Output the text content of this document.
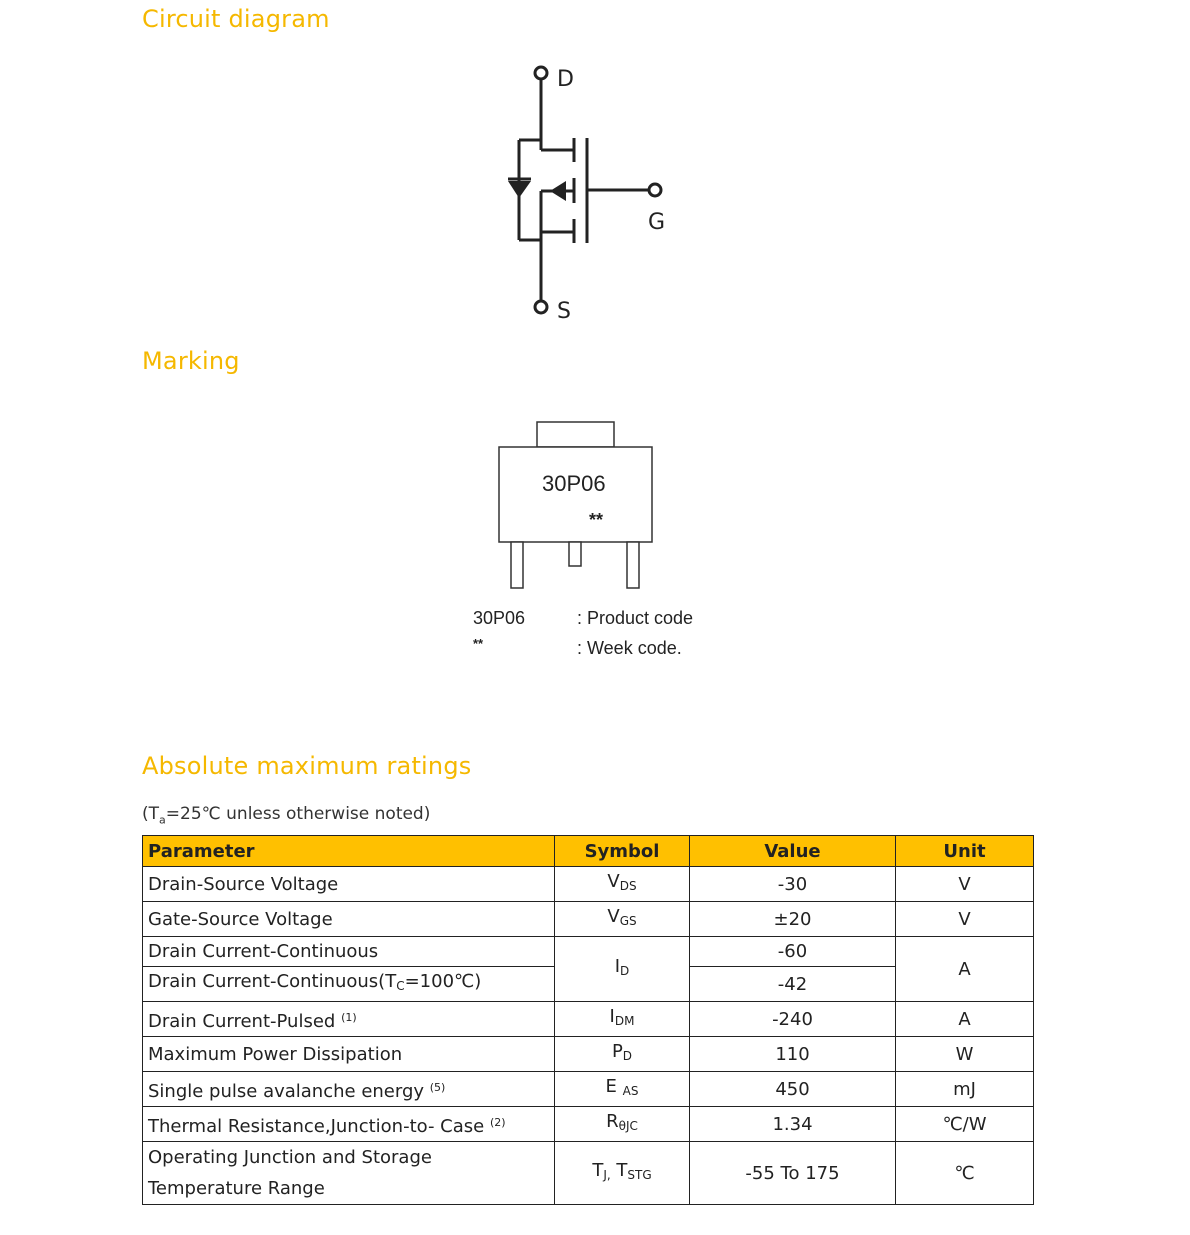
Circuit diagram
Marking
Absolute maximum ratings
D
G
S
30P06
**
30P06	: Product code
**	: Week code.
($T_a=25℃$ unless otherwise noted)
Parameter	Symbol	Value	Unit
Drain-Source Voltage	VDS	-30	V
Gate-Source Voltage	VGS	±20	V
Drain Current-Continuous	ID	-60	A
Drain Current-Continuous(TC=100℃)		-42	
Drain Current-Pulsed $^{(1)}$	IDM	-240	A
Maximum Power Dissipation	PD	110	W
Single pulse avalanche energy $^{(5)}$	E AS	450	mJ
Thermal Resistance,Junction-to- Case $^{(2)}$	RθJC	1.34	℃/W

Operating Junction and Storage
Temperature Range	TJ, TSTG	-55 To 175	℃
